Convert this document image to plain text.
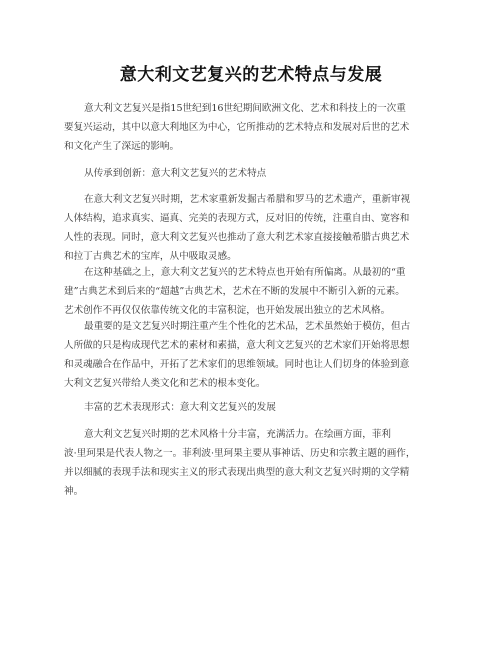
意大利文艺复兴的艺术特点与发展

意大利文艺复兴是指15世纪到16世纪期间欧洲文化、艺术和科技上的一次重
要复兴运动，其中以意大利地区为中心，它所推动的艺术特点和发展对后世的艺术
和文化产生了深远的影响。

从传承到创新：意大利文艺复兴的艺术特点

在意大利文艺复兴时期，艺术家重新发掘古希腊和罗马的艺术遗产，重新审视
人体结构，追求真实、逼真、完美的表现方式，反对旧的传统，注重自由、宽容和
人性的表现。同时，意大利文艺复兴也推动了意大利艺术家直接接触希腊古典艺术
和拉丁古典艺术的宝库，从中吸取灵感。

在这种基础之上，意大利文艺复兴的艺术特点也开始有所偏离。从最初的“重
建”古典艺术到后来的“超越”古典艺术，艺术在不断的发展中不断引入新的元素。
艺术创作不再仅仅依靠传统文化的丰富积淀，也开始发展出独立的艺术风格。

最重要的是文艺复兴时期注重产生个性化的艺术品，艺术虽然始于模仿，但古
人所做的只是构成现代艺术的素材和素描，意大利文艺复兴的艺术家们开始将思想
和灵魂融合在作品中，开拓了艺术家们的思维领域。同时也让人们切身的体验到意
大利文艺复兴带给人类文化和艺术的根本变化。

丰富的艺术表现形式：意大利文艺复兴的发展

意大利文艺复兴时期的艺术风格十分丰富，充满活力。在绘画方面，菲利
波·里珂果是代表人物之一。菲利波·里珂果主要从事神话、历史和宗教主题的画作，
并以细腻的表现手法和现实主义的形式表现出典型的意大利文艺复兴时期的文学精
神。
